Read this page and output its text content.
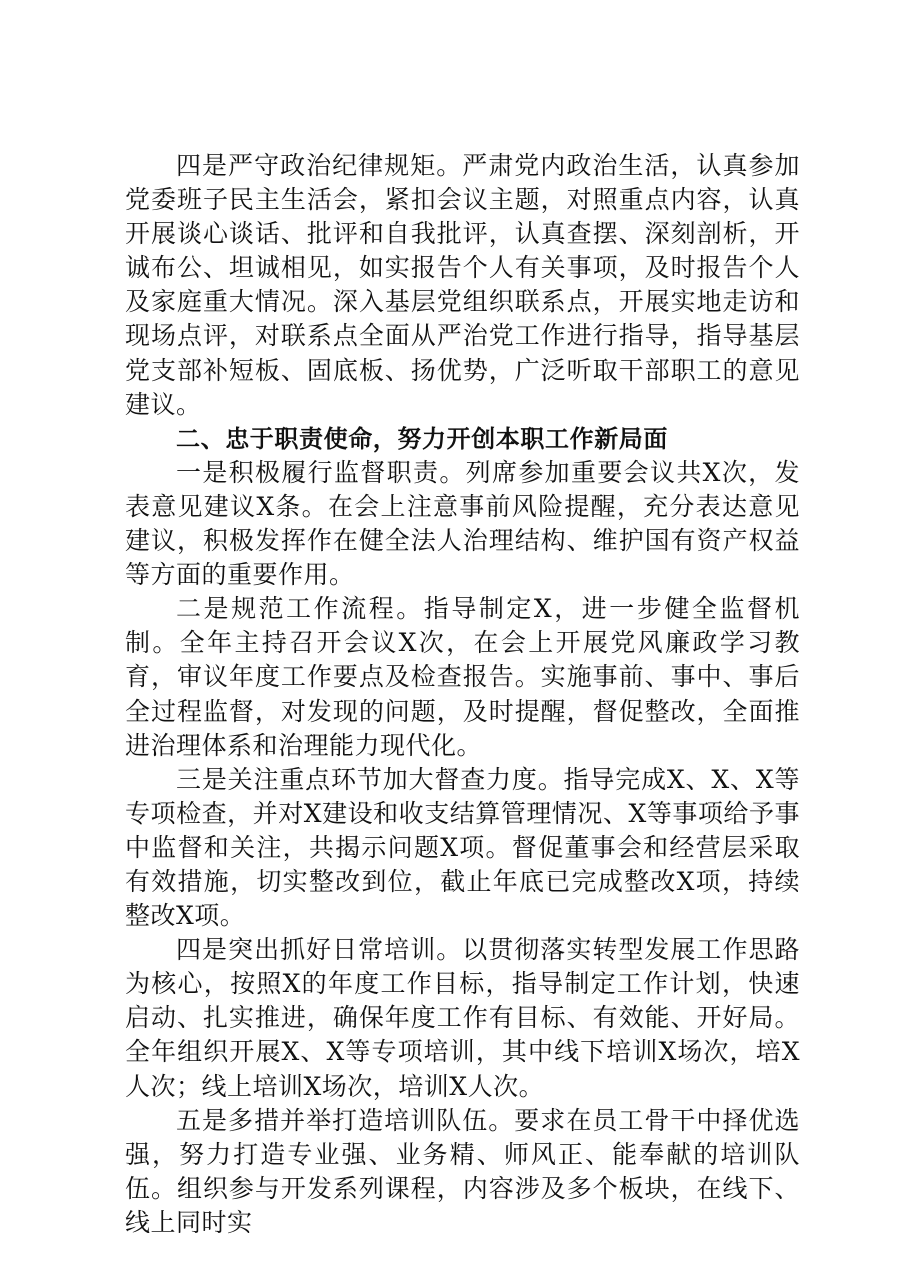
四是严守政治纪律规矩。严肃党内政治生活，认真参加党委班子民主生活会，紧扣会议主题，对照重点内容，认真开展谈心谈话、批评和自我批评，认真查摆、深刻剖析，开诚布公、坦诚相见，如实报告个人有关事项，及时报告个人及家庭重大情况。深入基层党组织联系点，开展实地走访和现场点评，对联系点全面从严治党工作进行指导，指导基层党支部补短板、固底板、扬优势，广泛听取干部职工的意见建议。

二、忠于职责使命，努力开创本职工作新局面

一是积极履行监督职责。列席参加重要会议共X次，发表意见建议X条。在会上注意事前风险提醒，充分表达意见建议，积极发挥作在健全法人治理结构、维护国有资产权益等方面的重要作用。

二是规范工作流程。指导制定X，进一步健全监督机制。全年主持召开会议X次，在会上开展党风廉政学习教育，审议年度工作要点及检查报告。实施事前、事中、事后全过程监督，对发现的问题，及时提醒，督促整改，全面推进治理体系和治理能力现代化。

三是关注重点环节加大督查力度。指导完成X、X、X等专项检查，并对X建设和收支结算管理情况、X等事项给予事中监督和关注，共揭示问题X项。督促董事会和经营层采取有效措施，切实整改到位，截止年底已完成整改X项，持续整改X项。

四是突出抓好日常培训。以贯彻落实转型发展工作思路为核心，按照X的年度工作目标，指导制定工作计划，快速启动、扎实推进，确保年度工作有目标、有效能、开好局。全年组织开展X、X等专项培训，其中线下培训X场次，培X人次；线上培训X场次，培训X人次。

五是多措并举打造培训队伍。要求在员工骨干中择优选强，努力打造专业强、业务精、师风正、能奉献的培训队伍。组织参与开发系列课程，内容涉及多个板块，在线下、线上同时实
